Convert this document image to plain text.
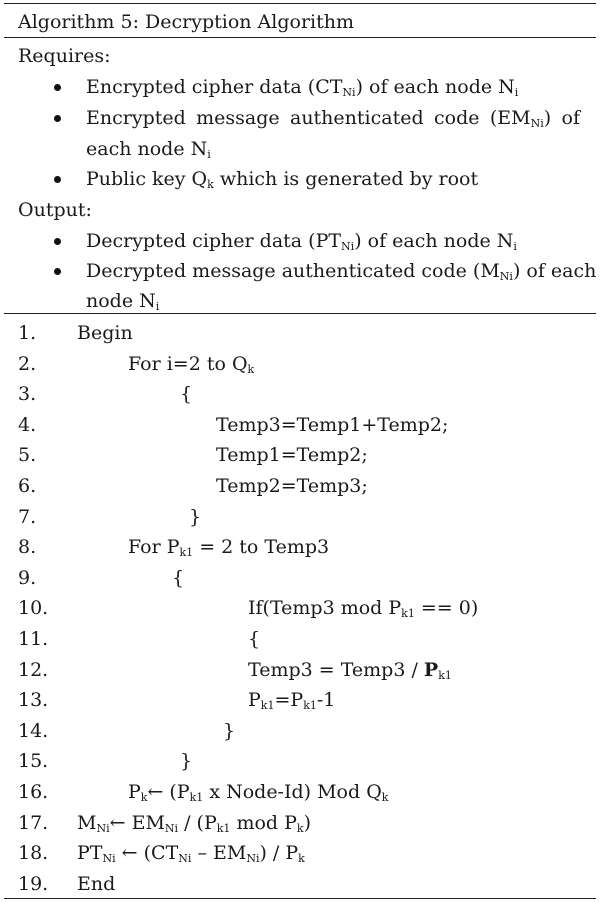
Algorithm 5: Decryption Algorithm
Requires:
Encrypted cipher data $(CT_{Ni})$ of each node $N_i$
Encrypted message authenticated code $(EM_{Ni})$ of
each node $N_i$
Public key $Q_k$ which is generated by root
Output:
Decrypted cipher data $(PT_{Ni})$ of each node $N_i$
Decrypted message authenticated code $(M_{Ni})$ of each
node $N_i$
1. Begin
2.	For i=2 to $Q_k$
3.	{
4.	Temp3=Temp1+Temp2;
5.	Temp1=Temp2;
6.	Temp2=Temp3;
7.	}
8.	For $P_{k1} = 2$ to Temp3
9.	{
10.	If(Temp3 mod $P_{k1} == 0$)
11.	{
12.	Temp3 = Temp3 / $P_{k1}$
13.	$P_{k1}=P_{k1}-1$
14.	}
15.	}
16.	$P_k\leftarrow$ ($P_{k1}$ x Node-Id) Mod $Q_k$
17. $M_{Ni}\leftarrow$ $EM_{Ni} / (P_{k1}$ mod $P_k$)
18. $PT_{Ni}$ ← $(CT_{Ni} - EM_{Ni}) / P_k$
19. End
